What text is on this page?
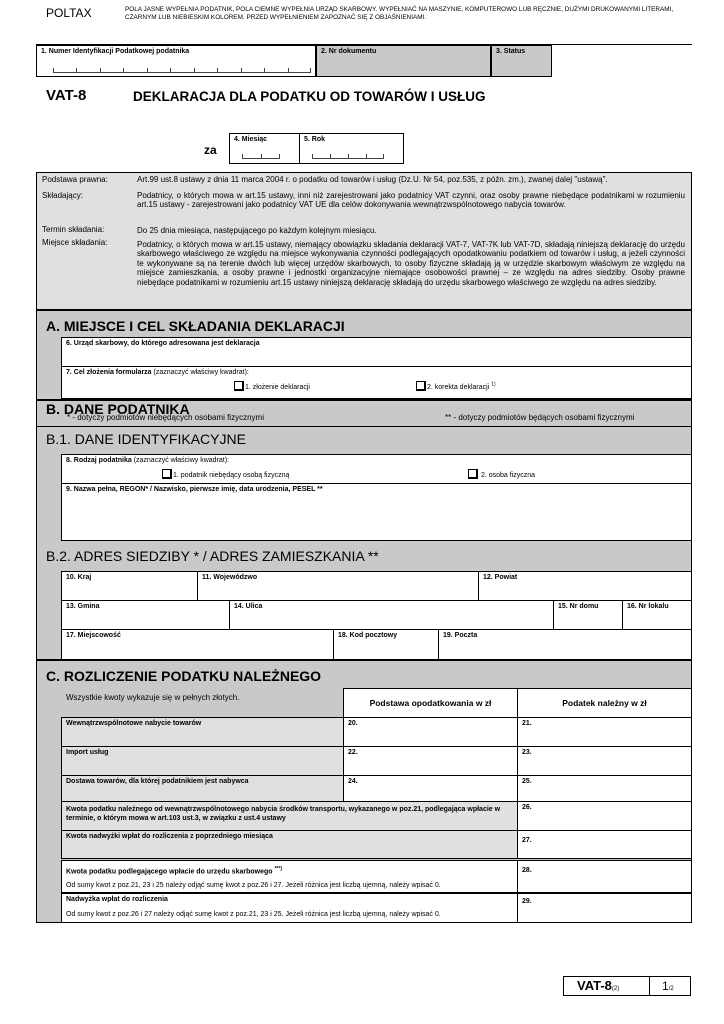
POLTAX	POLA JASNE WYPEŁNIA PODATNIK, POLA CIEMNE WYPEŁNIA URZĄD SKARBOWY. WYPEŁNIAĆ NA MASZYNIE, KOMPUTEROWO LUB RĘCZNIE, DUŻYMI DRUKOWANYMI LITERAMI, CZARNYM LUB NIEBIESKIM KOLOREM. PRZED WYPEŁNIENIEM ZAPOZNAĆ SIĘ Z OBJAŚNIENIAMI.
1. Numer Identyfikacji Podatkowej podatnika	2. Nr dokumentu	3. Status
VAT-8	DEKLARACJA DLA PODATKU OD TOWARÓW I USŁUG
za
4. Miesiąc	5. Rok
Podstawa prawna:	Art.99 ust.8 ustawy z dnia 11 marca 2004 r. o podatku od towarów i usług (Dz.U. Nr 54, poz.535, z późn. zm.), zwanej dalej "ustawą".
Składający:	Podatnicy, o których mowa w art.15 ustawy, inni niż zarejestrowani jako podatnicy VAT czynni, oraz osoby prawne niebędące podatnikami w rozumieniu art.15 ustawy - zarejestrowani jako podatnicy VAT UE dla celów dokonywania wewnątrzwspólnotowego nabycia towarów.
Termin składania:	Do 25 dnia miesiąca, następującego po każdym kolejnym miesiącu.
Miejsce składania:	Podatnicy, o których mowa w art.15 ustawy, niemający obowiązku składania deklaracji VAT-7, VAT-7K lub VAT-7D, składają niniejszą deklarację do urzędu skarbowego właściwego ze względu na miejsce wykonywania czynności podlegających opodatkowaniu podatkiem od towarów i usług, a jeżeli czynności te wykonywane są na terenie dwóch lub więcej urzędów skarbowych, to osoby fizyczne składają ją w urzędzie skarbowym właściwym ze względu na miejsce zamieszkania, a osoby prawne i jednostki organizacyjne niemające osobowości prawnej – ze względu na adres siedziby. Osoby prawne niebędące podatnikami w rozumieniu art.15 ustawy niniejszą deklarację składają do urzędu skarbowego właściwego ze względu na adres siedziby.
A. MIEJSCE I CEL SKŁADANIA DEKLARACJI
6. Urząd skarbowy, do którego adresowana jest deklaracja
7. Cel złożenia formularza (zaznaczyć właściwy kwadrat):
1. złożenie deklaracji	2. korekta deklaracji $^{1)}$
B. DANE PODATNIKA
* - dotyczy podmiotów niebędących osobami fizycznymi	** - dotyczy podmiotów będących osobami fizycznymi
B.1. DANE IDENTYFIKACYJNE
8. Rodzaj podatnika (zaznaczyć właściwy kwadrat):
1. podatnik niebędący osobą fizyczną	2. osoba fizyczna
9. Nazwa pełna, REGON* / Nazwisko, pierwsze imię, data urodzenia, PESEL **
B.2. ADRES SIEDZIBY * / ADRES ZAMIESZKANIA **
10. Kraj	11. Wojewódzwo	12. Powiat
13. Gmina	14. Ulica	15. Nr domu	16. Nr lokalu
17. Miejscowość	18. Kod pocztowy	19. Poczta
C. ROZLICZENIE PODATKU NALEŻNEGO
Wszystkie kwoty wykazuje się w pełnych złotych.
Podstawa opodatkowania w zł	Podatek należny w zł
Wewnątrzwspólnotowe nabycie towarów	20.	21.
Import usług	22.	23.
Dostawa towarów, dla której podatnikiem jest nabywca	24.	25.
Kwota podatku należnego od wewnątrzwspólnotowego nabycia środków transportu, wykazanego w poz.21, podlegająca wpłacie w terminie, o którym mowa w art.103 ust.3, w związku z ust.4 ustawy
26.
Kwota nadwyżki wpłat do rozliczenia z poprzedniego miesiąca
27.
Kwota podatku podlegającego wpłacie do urzędu skarbowego ***)
Od sumy kwot z poz.21, 23 i 25 należy odjąć sumę kwot z poz.26 i 27. Jeżeli różnica jest liczbą ujemną, należy wpisać 0.
28.
Nadwyżka wpłat do rozliczenia
Od sumy kwot z poz.26 i 27 należy odjąć sumę kwot z poz.21, 23 i 25. Jeżeli różnica jest liczbą ujemną, należy wpisać 0.
29.
VAT-8(2)	1/2
